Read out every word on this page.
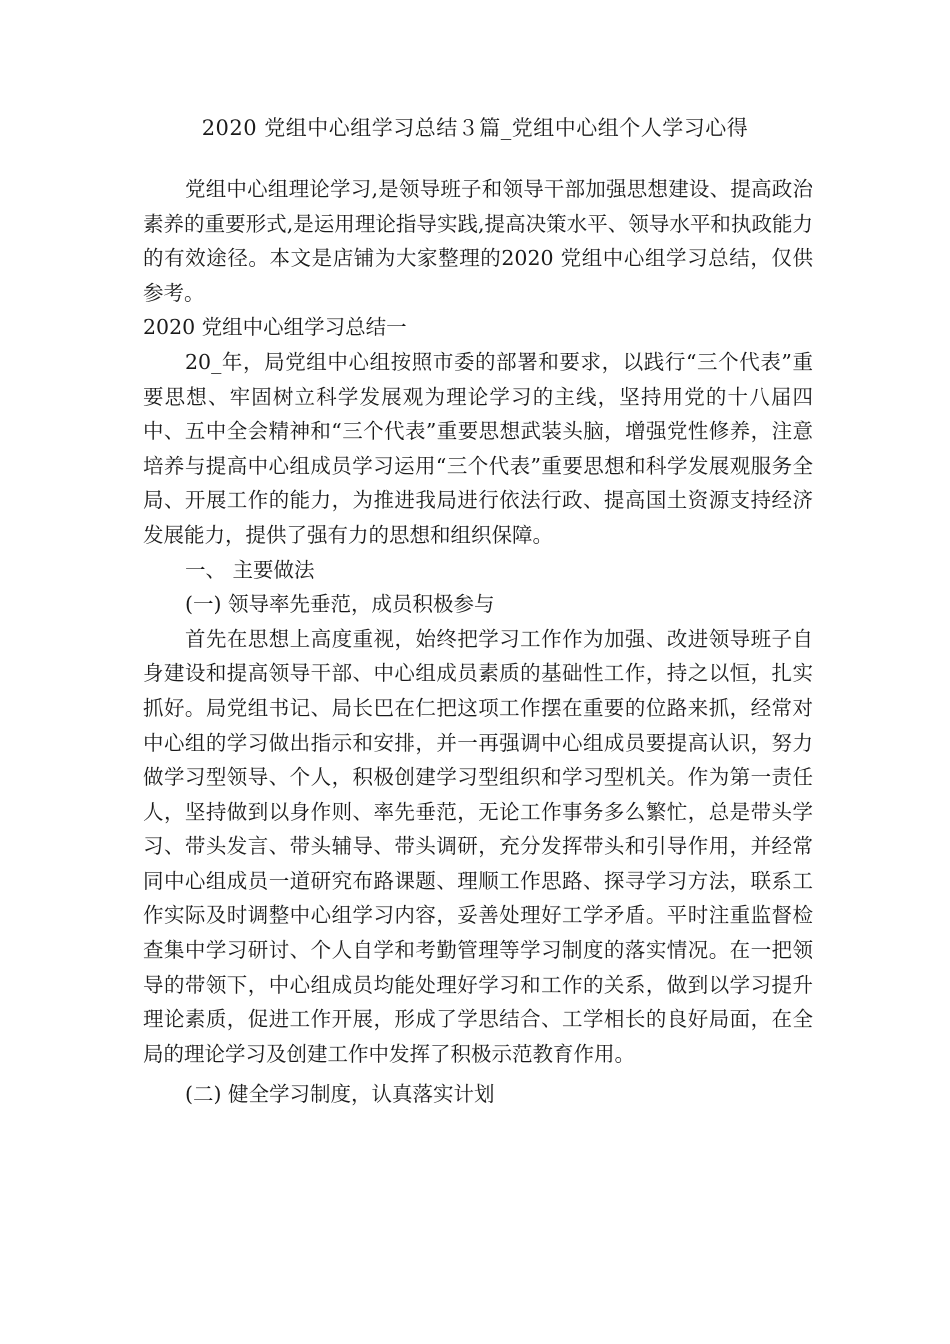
2020 党组中心组学习总结３篇_党组中心组个人学习心得

党组中心组理论学习,是领导班子和领导干部加强思想建设、提高政治素养的重要形式,是运用理论指导实践,提高决策水平、领导水平和执政能力的有效途径。本文是店铺为大家整理的2020 党组中心组学习总结，仅供参考。

2020 党组中心组学习总结一

20_年，局党组中心组按照市委的部署和要求，以践行“三个代表”重要思想、牢固树立科学发展观为理论学习的主线，坚持用党的十八届四中、五中全会精神和“三个代表”重要思想武装头脑，增强党性修养，注意培养与提高中心组成员学习运用“三个代表”重要思想和科学发展观服务全局、开展工作的能力，为推进我局进行依法行政、提高国土资源支持经济发展能力，提供了强有力的思想和组织保障。

一、 主要做法

(一) 领导率先垂范，成员积极参与

首先在思想上高度重视，始终把学习工作作为加强、改进领导班子自身建设和提高领导干部、中心组成员素质的基础性工作，持之以恒，扎实抓好。局党组书记、局长巴在仁把这项工作摆在重要的位路来抓，经常对中心组的学习做出指示和安排，并一再强调中心组成员要提高认识，努力做学习型领导、个人，积极创建学习型组织和学习型机关。作为第一责任人，坚持做到以身作则、率先垂范，无论工作事务多么繁忙，总是带头学习、带头发言、带头辅导、带头调研，充分发挥带头和引导作用，并经常同中心组成员一道研究布路课题、理顺工作思路、探寻学习方法，联系工作实际及时调整中心组学习内容，妥善处理好工学矛盾。平时注重监督检查集中学习研讨、个人自学和考勤管理等学习制度的落实情况。在一把领导的带领下，中心组成员均能处理好学习和工作的关系，做到以学习提升理论素质，促进工作开展，形成了学思结合、工学相长的良好局面，在全局的理论学习及创建工作中发挥了积极示范教育作用。

(二) 健全学习制度，认真落实计划
